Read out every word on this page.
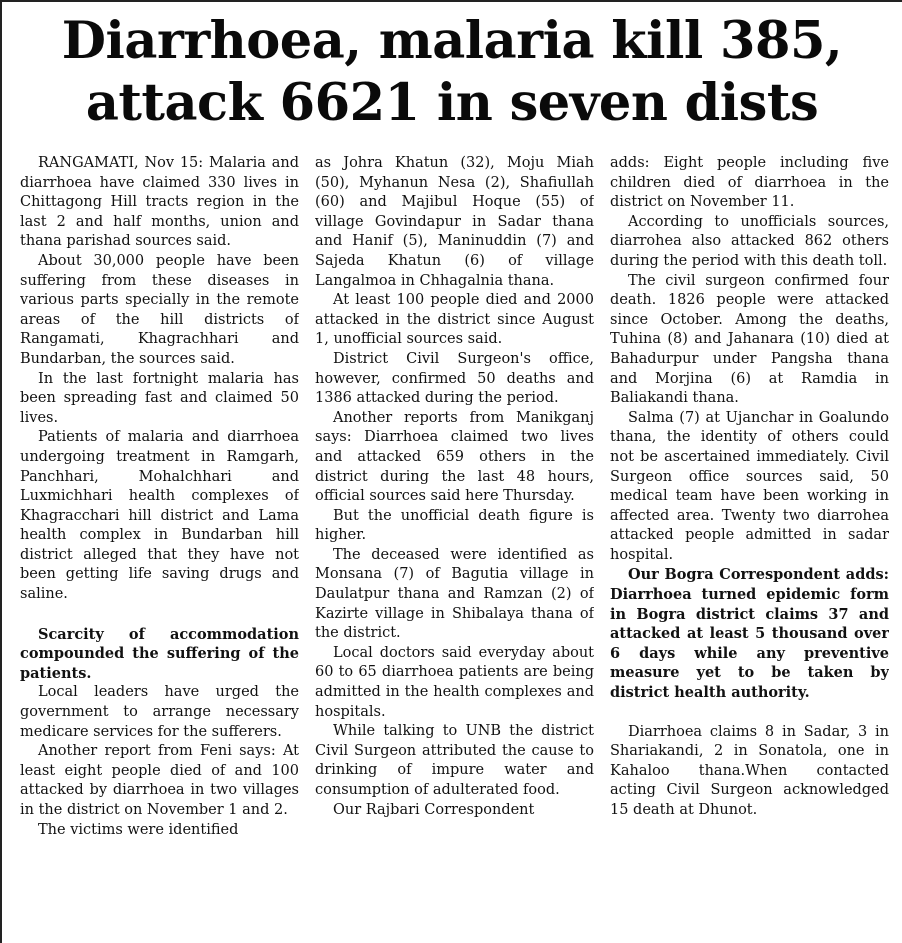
Diarrhoea, malaria kill 385,
attack 6621 in seven dists

RANGAMATI, Nov 15: Malaria and diarrhoea have claimed 330 lives in Chittagong Hill tracts region in the last 2 and half months, union and thana parishad sources said.

About 30,000 people have been suffering from these diseases in various parts specially in the remote areas of the hill districts of Rangamati, Khagrachhari and Bundarban, the sources said.

In the last fortnight malaria has been spreading fast and claimed 50 lives.

Patients of malaria and diarrhoea undergoing treatment in Ramgarh, Panchhari, Mohalchhari and Luxmichhari health complexes of Khagracchari hill district and Lama health complex in Bundarban hill district alleged that they have not been getting life saving drugs and saline.

Scarcity of accommodation compounded the suffering of the patients.

Local leaders have urged the government to arrange necessary medicare services for the sufferers.

Another report from Feni says: At least eight people died of and 100 attacked by diarrhoea in two villages in the district on November 1 and 2.

The victims were identified

as Johra Khatun (32), Moju Miah (50), Myhanun Nesa (2), Shafiullah (60) and Majibul Hoque (55) of village Govindapur in Sadar thana and Hanif (5), Maninuddin (7) and Sajeda Khatun (6) of village Langalmoa in Chhagalnia thana.

At least 100 people died and 2000 attacked in the district since August 1, unofficial sources said.

District Civil Surgeon's office, however, confirmed 50 deaths and 1386 attacked during the period.

Another reports from Manikganj says: Diarrhoea claimed two lives and attacked 659 others in the district during the last 48 hours, official sources said here Thursday.

But the unofficial death figure is higher.

The deceased were identified as Monsana (7) of Bagutia village in Daulatpur thana and Ramzan (2) of Kazirte village in Shibalaya thana of the district.

Local doctors said everyday about 60 to 65 diarrhoea patients are being admitted in the health complexes and hospitals.

While talking to UNB the district Civil Surgeon attributed the cause to drinking of impure water and consumption of adulterated food.

Our Rajbari Correspondent

adds: Eight people including five children died of diarrhoea in the district on November 11.

According to unofficials sources, diarrohea also attacked 862 others during the period with this death toll.

The civil surgeon confirmed four death. 1826 people were attacked since October. Among the deaths, Tuhina (8) and Jahanara (10) died at Bahadurpur under Pangsha thana and Morjina (6) at Ramdia in Baliakandi thana.

Salma (7) at Ujanchar in Goalundo thana, the identity of others could not be ascertained immediately. Civil Surgeon office sources said, 50 medical team have been working in affected area. Twenty two diarrohea attacked people admitted in sadar hospital.

Our Bogra Correspondent adds: Diarrhoea turned epidemic form in Bogra district claims 37 and attacked at least 5 thousand over 6 days while any preventive measure yet to be taken by district health authority.

Diarrhoea claims 8 in Sadar, 3 in Shariakandi, 2 in Sonatola, one in Kahaloo thana.When contacted acting Civil Surgeon acknowledged 15 death at Dhunot.
